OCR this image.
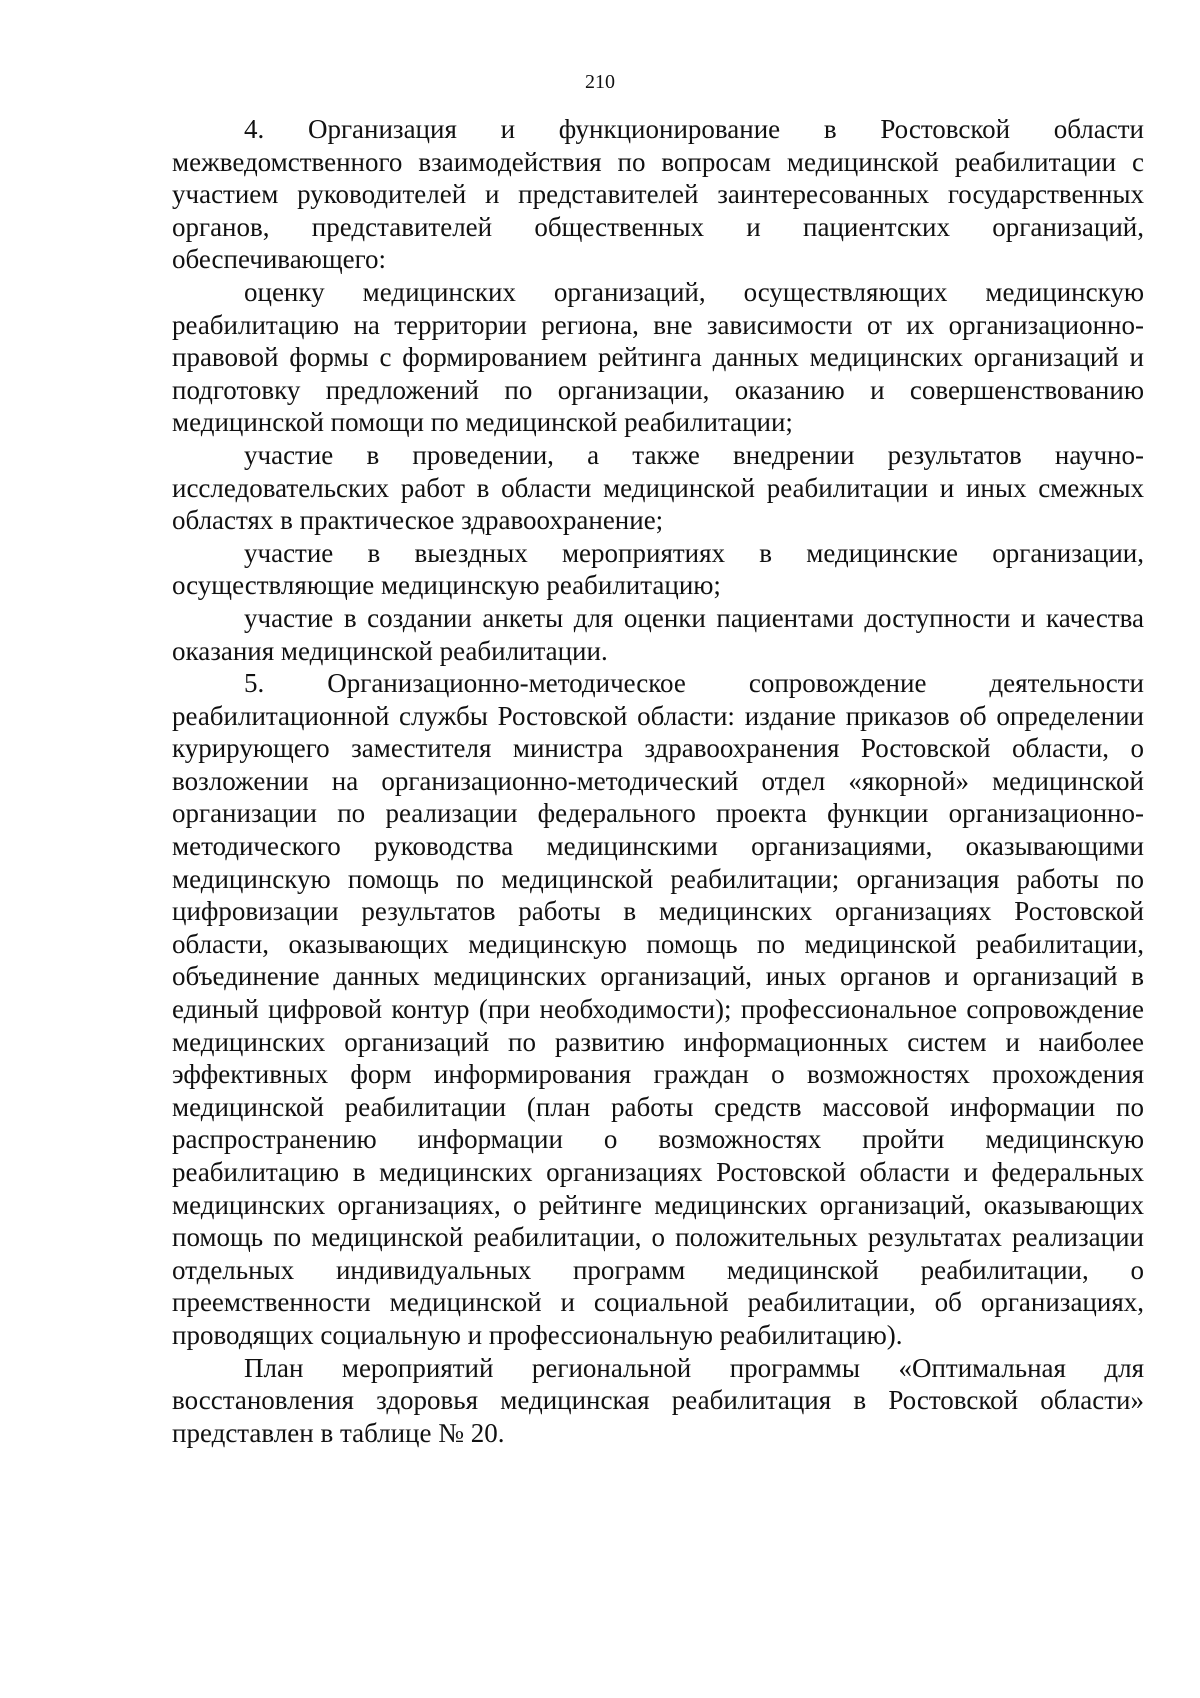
210

4. Организация и функционирование в Ростовской области межведомственного взаимодействия по вопросам медицинской реабилитации с участием руководителей и представителей заинтересованных государственных органов, представителей общественных и пациентских организаций, обеспечивающего:

оценку медицинских организаций, осуществляющих медицинскую реабилитацию на территории региона, вне зависимости от их организационно-правовой формы с формированием рейтинга данных медицинских организаций и подготовку предложений по организации, оказанию и совершенствованию медицинской помощи по медицинской реабилитации;

участие в проведении, а также внедрении результатов научно-исследовательских работ в области медицинской реабилитации и иных смежных областях в практическое здравоохранение;

участие в выездных мероприятиях в медицинские организации, осуществляющие медицинскую реабилитацию;

участие в создании анкеты для оценки пациентами доступности и качества оказания медицинской реабилитации.

5. Организационно-методическое сопровождение деятельности реабилитационной службы Ростовской области: издание приказов об определении курирующего заместителя министра здравоохранения Ростовской области, о возложении на организационно-методический отдел «якорной» медицинской организации по реализации федерального проекта функции организационно-методического руководства медицинскими организациями, оказывающими медицинскую помощь по медицинской реабилитации; организация работы по цифровизации результатов работы в медицинских организациях Ростовской области, оказывающих медицинскую помощь по медицинской реабилитации, объединение данных медицинских организаций, иных органов и организаций в единый цифровой контур (при необходимости); профессиональное сопровождение медицинских организаций по развитию информационных систем и наиболее эффективных форм информирования граждан о возможностях прохождения медицинской реабилитации (план работы средств массовой информации по распространению информации о возможностях пройти медицинскую реабилитацию в медицинских организациях Ростовской области и федеральных медицинских организациях, о рейтинге медицинских организаций, оказывающих помощь по медицинской реабилитации, о положительных результатах реализации отдельных индивидуальных программ медицинской реабилитации, о преемственности медицинской и социальной реабилитации, об организациях, проводящих социальную и профессиональную реабилитацию).

План мероприятий региональной программы «Оптимальная для восстановления здоровья медицинская реабилитация в Ростовской области» представлен в таблице № 20.
